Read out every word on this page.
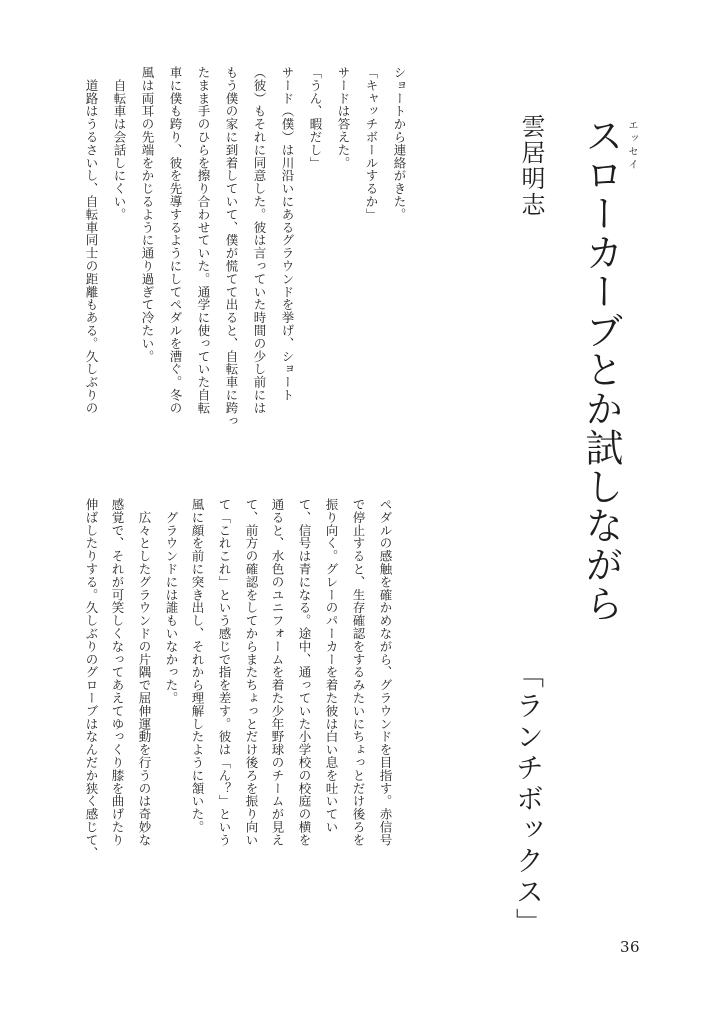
エッセイ
スローカーブとか試しながら
雲居明志
「ランチボックス」
ショートから連絡がきた。
「キャッチボールするか」
サードは答えた。
「うん、暇だし」
サード（僕）は川沿いにあるグラウンドを挙げ、ショート
（彼）もそれに同意した。彼は言っていた時間の少し前には
もう僕の家に到着していて、僕が慌てて出ると、自転車に跨っ
たまま手のひらを擦り合わせていた。通学に使っていた自転
車に僕も跨り、彼を先導するようにしてペダルを漕ぐ。冬の
風は両耳の先端をかじるように通り過ぎて冷たい。
　自転車は会話しにくい。
　道路はうるさいし、自転車同士の距離もある。久しぶりの
ペダルの感触を確かめながら、グラウンドを目指す。赤信号
で停止すると、生存確認をするみたいにちょっとだけ後ろを
振り向く。グレーのパーカーを着た彼は白い息を吐いてい
て、信号は青になる。途中、通っていた小学校の校庭の横を
通ると、水色のユニフォームを着た少年野球のチームが見え
て、前方の確認をしてからまたちょっとだけ後ろを振り向い
て「これこれ」という感じで指を差す。彼は「ん？」という
風に顔を前に突き出し、それから理解したように頷いた。
　グラウンドには誰もいなかった。
　広々としたグラウンドの片隅で屈伸運動を行うのは奇妙な
感覚で、それが可笑しくなってあえてゆっくり膝を曲げたり
伸ばしたりする。久しぶりのグローブはなんだか狭く感じて、
36
